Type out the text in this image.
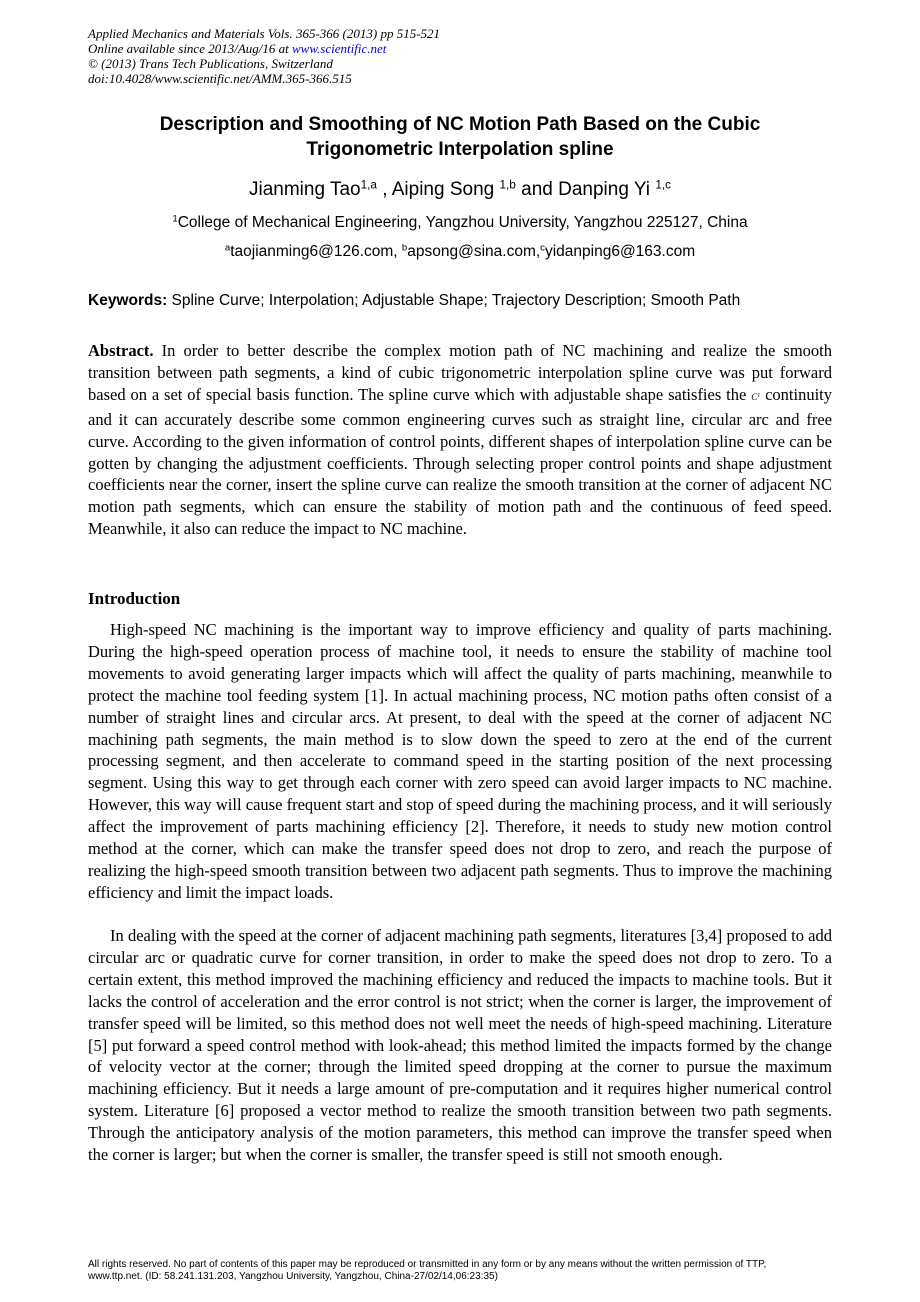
Applied Mechanics and Materials Vols. 365-366 (2013) pp 515-521
Online available since 2013/Aug/16 at www.scientific.net
© (2013) Trans Tech Publications, Switzerland
doi:10.4028/www.scientific.net/AMM.365-366.515
Description and Smoothing of NC Motion Path Based on the Cubic
Trigonometric Interpolation spline
Jianming Tao$^{1,a}$ , Aiping Song $^{1,b}$ and Danping Yi $^{1,c}$
$^1$College of Mechanical Engineering, Yangzhou University, Yangzhou 225127, China
$^a$taojianming6@126.com, $^b$apsong@sina.com,$^c$yidanping6@163.com
Keywords: Spline Curve; Interpolation; Adjustable Shape; Trajectory Description; Smooth Path
Abstract. In order to better describe the complex motion path of NC machining and realize the smooth transition between path segments, a kind of cubic trigonometric interpolation spline curve was put forward based on a set of special basis function. The spline curve which with adjustable shape satisfies the $C^1$ continuity and it can accurately describe some common engineering curves such as straight line, circular arc and free curve. According to the given information of control points, different shapes of interpolation spline curve can be gotten by changing the adjustment coefficients. Through selecting proper control points and shape adjustment coefficients near the corner, insert the spline curve can realize the smooth transition at the corner of adjacent NC motion path segments, which can ensure the stability of motion path and the continuous of feed speed. Meanwhile, it also can reduce the impact to NC machine.
Introduction
High-speed NC machining is the important way to improve efficiency and quality of parts machining. During the high-speed operation process of machine tool, it needs to ensure the stability of machine tool movements to avoid generating larger impacts which will affect the quality of parts machining, meanwhile to protect the machine tool feeding system [1]. In actual machining process, NC motion paths often consist of a number of straight lines and circular arcs. At present, to deal with the speed at the corner of adjacent NC machining path segments, the main method is to slow down the speed to zero at the end of the current processing segment, and then accelerate to command speed in the starting position of the next processing segment. Using this way to get through each corner with zero speed can avoid larger impacts to NC machine. However, this way will cause frequent start and stop of speed during the machining process, and it will seriously affect the improvement of parts machining efficiency [2]. Therefore, it needs to study new motion control method at the corner, which can make the transfer speed does not drop to zero, and reach the purpose of realizing the high-speed smooth transition between two adjacent path segments. Thus to improve the machining efficiency and limit the impact loads.
In dealing with the speed at the corner of adjacent machining path segments, literatures [3,4] proposed to add circular arc or quadratic curve for corner transition, in order to make the speed does not drop to zero. To a certain extent, this method improved the machining efficiency and reduced the impacts to machine tools. But it lacks the control of acceleration and the error control is not strict; when the corner is larger, the improvement of transfer speed will be limited, so this method does not well meet the needs of high-speed machining. Literature [5] put forward a speed control method with look-ahead; this method limited the impacts formed by the change of velocity vector at the corner; through the limited speed dropping at the corner to pursue the maximum machining efficiency. But it needs a large amount of pre-computation and it requires higher numerical control system. Literature [6] proposed a vector method to realize the smooth transition between two path segments. Through the anticipatory analysis of the motion parameters, this method can improve the transfer speed when the corner is larger; but when the corner is smaller, the transfer speed is still not smooth enough.
All rights reserved. No part of contents of this paper may be reproduced or transmitted in any form or by any means without the written permission of TTP,
www.ttp.net. (ID: 58.241.131.203, Yangzhou University, Yangzhou, China-27/02/14,06:23:35)
